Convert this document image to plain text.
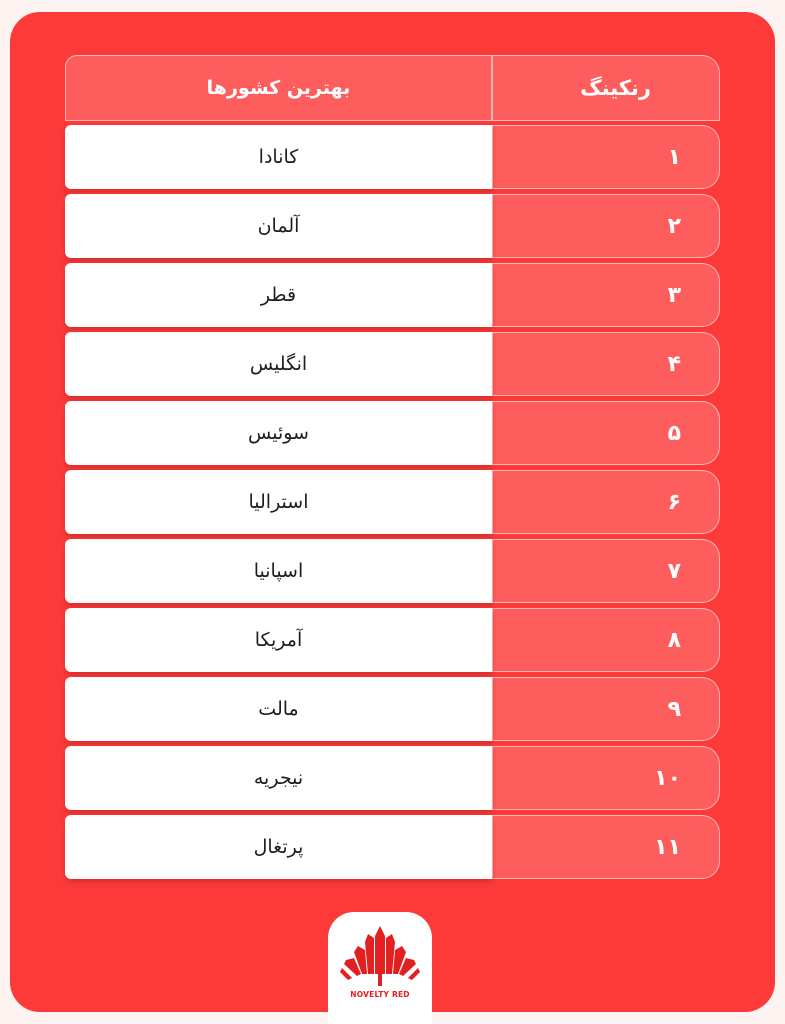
بهترین کشورها	رنکینگ
۱
کانادا
۲
آلمان
۳
قطر
۴
انگلیس
۵
سوئیس
۶
استرالیا
۷
اسپانیا
۸
آمریکا
۹
مالت
۱۰
نیجریه
۱۱
پرتغال
NOVELTY RED
